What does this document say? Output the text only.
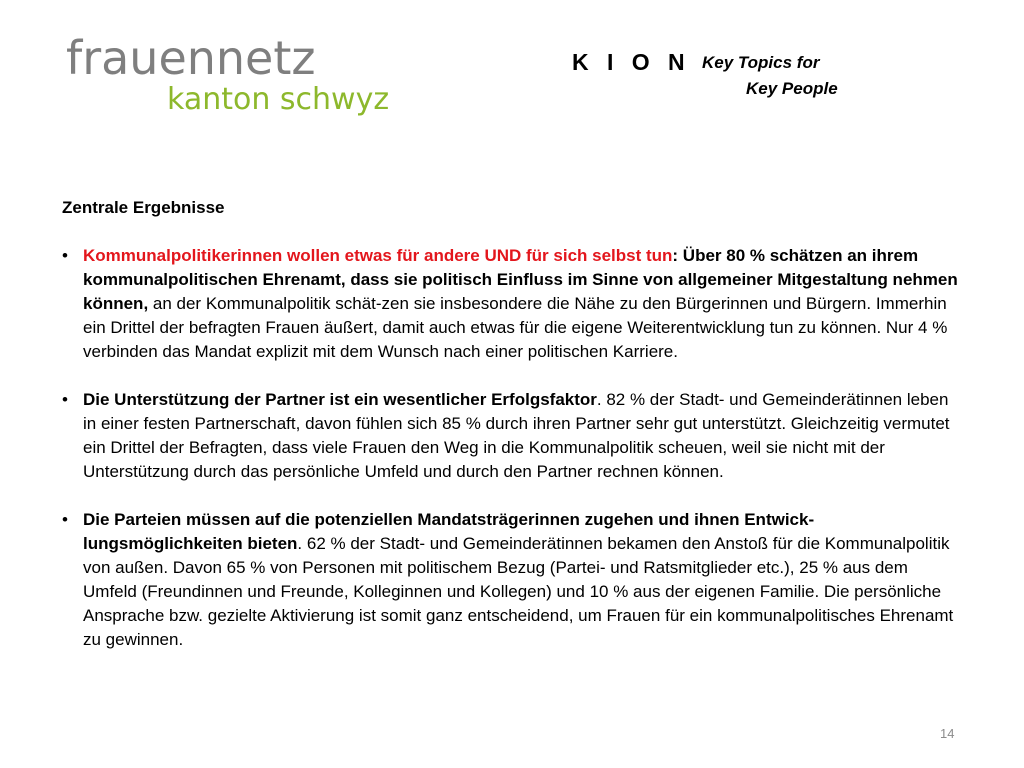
frauennetz
kanton schwyz
K I O N Key Topics for
Key People
Zentrale Ergebnisse
• Kommunalpolitikerinnen wollen etwas für andere UND für sich selbst tun: Über 80 % schätzen an ihrem kommunalpolitischen Ehrenamt, dass sie politisch Einfluss im Sinne von allgemeiner Mitgestaltung nehmen können, an der Kommunalpolitik schät-zen sie insbesondere die Nähe zu den Bürgerinnen und Bürgern. Immerhin ein Drittel der befragten Frauen äußert, damit auch etwas für die eigene Weiterentwicklung tun zu können. Nur 4 % verbinden das Mandat explizit mit dem Wunsch nach einer politischen Karriere.
• Die Unterstützung der Partner ist ein wesentlicher Erfolgsfaktor. 82 % der Stadt- und Gemeinderätinnen leben in einer festen Partnerschaft, davon fühlen sich 85 % durch ihren Partner sehr gut unterstützt. Gleichzeitig vermutet ein Drittel der Befragten, dass viele Frauen den Weg in die Kommunalpolitik scheuen, weil sie nicht mit der Unterstützung durch das persönliche Umfeld und durch den Partner rechnen können.
• Die Parteien müssen auf die potenziellen Mandatsträgerinnen zugehen und ihnen Entwick-lungsmöglichkeiten bieten. 62 % der Stadt- und Gemeinderätinnen bekamen den Anstoß für die Kommunalpolitik von außen. Davon 65 % von Personen mit politischem Bezug (Partei- und Ratsmitglieder etc.), 25 % aus dem Umfeld (Freundinnen und Freunde, Kolleginnen und Kollegen) und 10 % aus der eigenen Familie. Die persönliche Ansprache bzw. gezielte Aktivierung ist somit ganz entscheidend, um Frauen für ein kommunalpolitisches Ehrenamt zu gewinnen.
14
